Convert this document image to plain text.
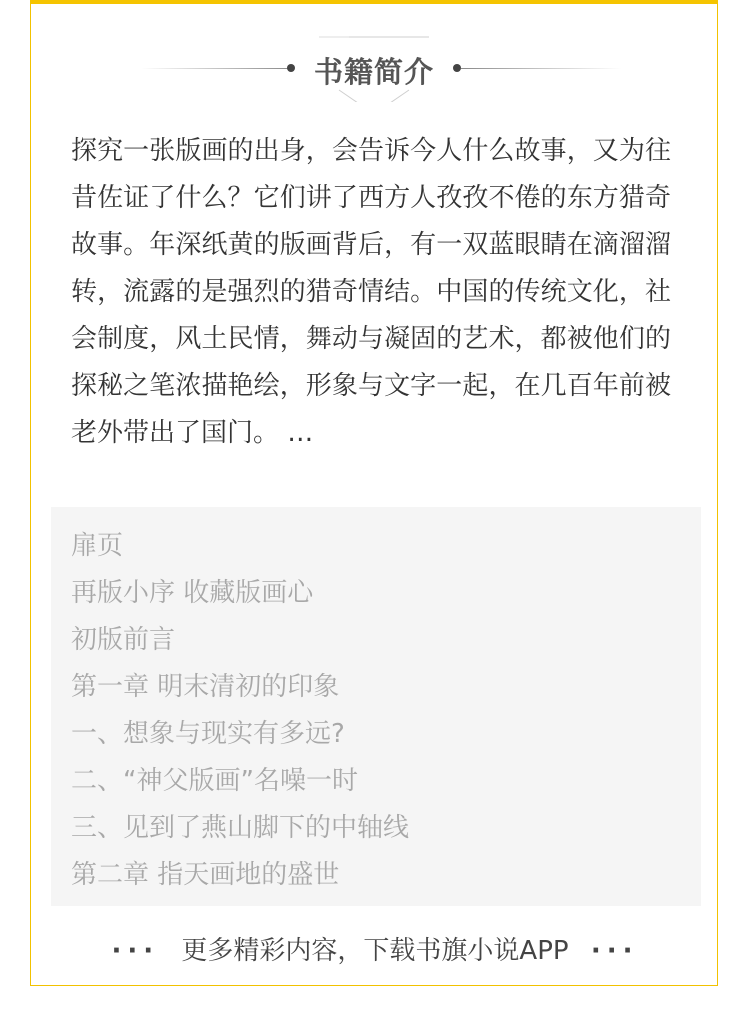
书籍简介

探究一张版画的出身，会告诉今人什么故事，又为往昔佐证了什么？它们讲了西方人孜孜不倦的东方猎奇故事。年深纸黄的版画背后，有一双蓝眼睛在滴溜溜转，流露的是强烈的猎奇情结。中国的传统文化，社会制度，风土民情，舞动与凝固的艺术，都被他们的探秘之笔浓描艳绘，形象与文字一起，在几百年前被老外带出了国门。 …

扉页
再版小序 收藏版画心
初版前言
第一章 明末清初的印象
一、想象与现实有多远?
二、“神父版画”名噪一时
三、见到了燕山脚下的中轴线
第二章 指天画地的盛世
··· 更多精彩内容，下载书旗小说APP ···
